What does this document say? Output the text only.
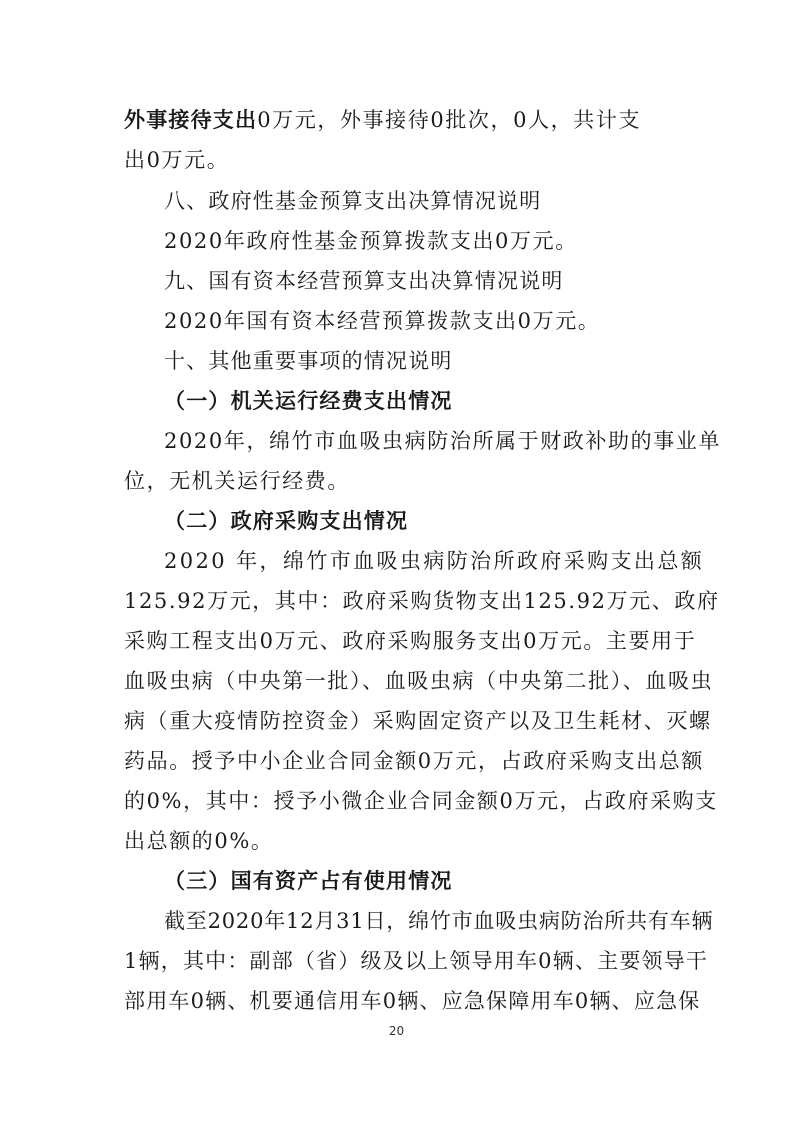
外事接待支出0万元，外事接待0批次，0人，共计支
出0万元。
八、政府性基金预算支出决算情况说明
2020年政府性基金预算拨款支出0万元。
九、国有资本经营预算支出决算情况说明
2020年国有资本经营预算拨款支出0万元。
十、其他重要事项的情况说明
（一）机关运行经费支出情况
2020年，绵竹市血吸虫病防治所属于财政补助的事业单
位，无机关运行经费。
（二）政府采购支出情况
2020 年，绵竹市血吸虫病防治所政府采购支出总额
125.92万元，其中：政府采购货物支出125.92万元、政府
采购工程支出0万元、政府采购服务支出0万元。主要用于
血吸虫病（中央第一批）、血吸虫病（中央第二批）、血吸虫
病（重大疫情防控资金）采购固定资产以及卫生耗材、灭螺
药品。授予中小企业合同金额0万元，占政府采购支出总额
的0%，其中：授予小微企业合同金额0万元，占政府采购支
出总额的0%。
（三）国有资产占有使用情况
截至2020年12月31日，绵竹市血吸虫病防治所共有车辆
1辆，其中：副部（省）级及以上领导用车0辆、主要领导干
部用车0辆、机要通信用车0辆、应急保障用车0辆、应急保
20
